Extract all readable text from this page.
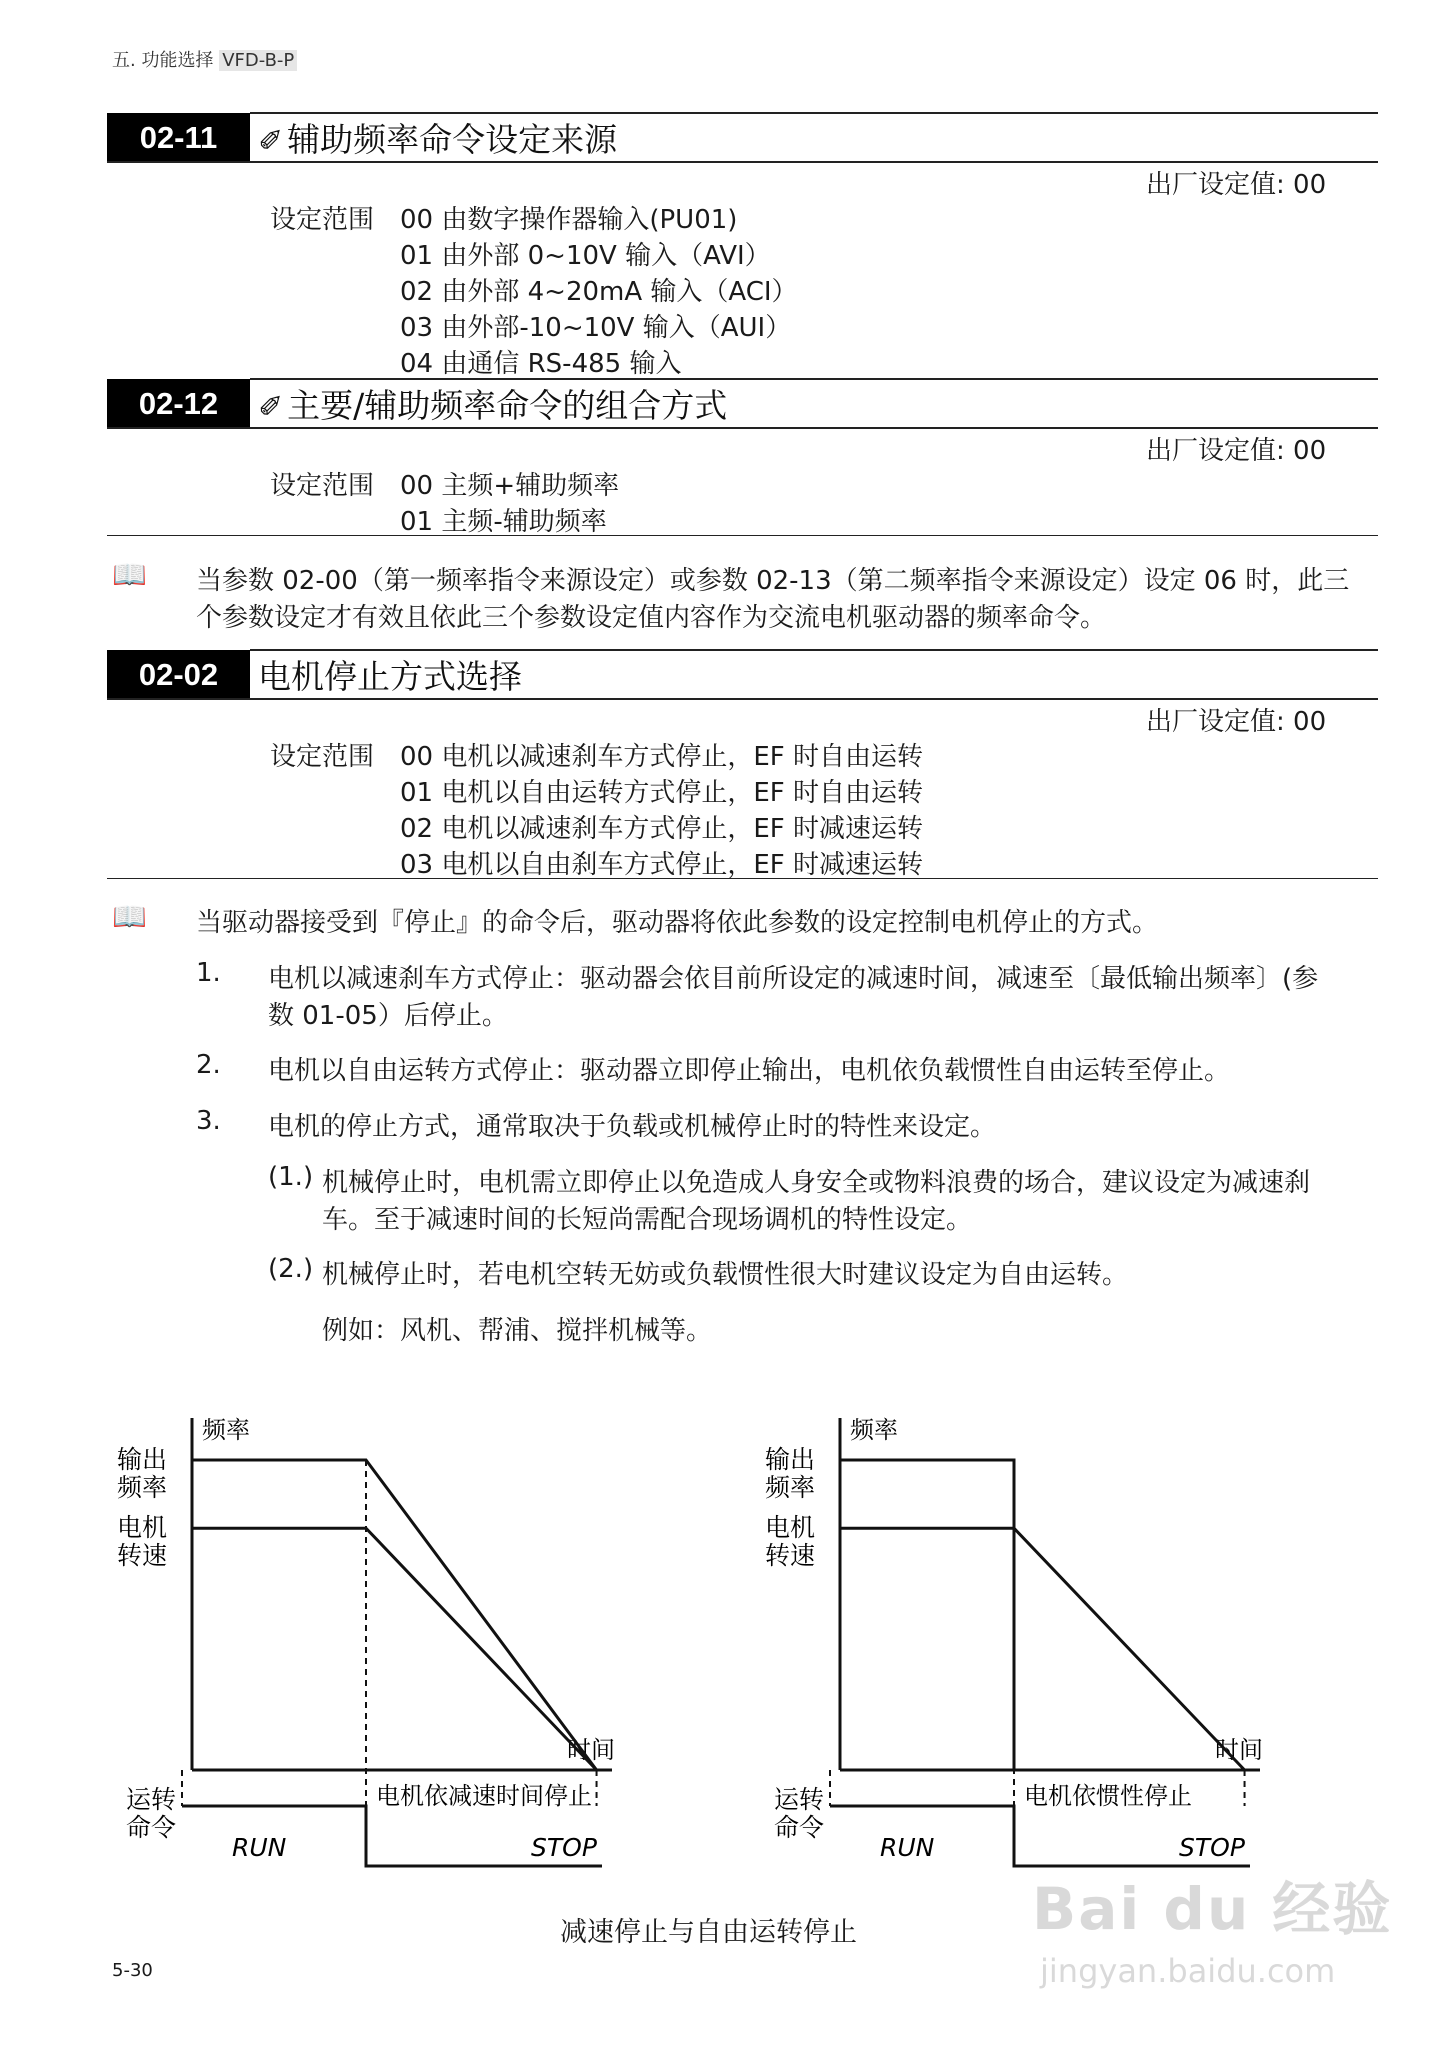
五. 功能选择 VFD-B-P
02-11	✐ 辅助频率命令设定来源
出厂设定值: 00
设定范围 00 由数字操作器输入(PU01)
01 由外部 0~10V 输入（AVI）
02 由外部 4~20mA 输入（ACI）
03 由外部-10~10V 输入（AUI）
04 由通信 RS-485 输入
02-12	✐ 主要/辅助频率命令的组合方式
出厂设定值: 00
设定范围 00 主频+辅助频率
01 主频-辅助频率
📖 当参数 02-00（第一频率指令来源设定）或参数 02-13（第二频率指令来源设定）设定 06 时，此三
个参数设定才有效且依此三个参数设定值内容作为交流电机驱动器的频率命令。
02-02	电机停止方式选择
出厂设定值: 00
设定范围 00 电机以减速刹车方式停止，EF 时自由运转
01 电机以自由运转方式停止，EF 时自由运转
02 电机以减速刹车方式停止，EF 时减速运转
03 电机以自由刹车方式停止，EF 时减速运转
📖 当驱动器接受到『停止』的命令后，驱动器将依此参数的设定控制电机停止的方式。
1. 电机以减速刹车方式停止：驱动器会依目前所设定的减速时间，减速至〔最低输出频率〕(参
数 01-05）后停止。
2. 电机以自由运转方式停止：驱动器立即停止输出，电机依负载惯性自由运转至停止。
3. 电机的停止方式，通常取决于负载或机械停止时的特性来设定。
(1.) 机械停止时，电机需立即停止以免造成人身安全或物料浪费的场合，建议设定为减速刹
车。至于减速时间的长短尚需配合现场调机的特性设定。
(2.) 机械停止时，若电机空转无妨或负载惯性很大时建议设定为自由运转。
例如：风机、帮浦、搅拌机械等。
频率
时间
输出
频率
电机
转速
运转
命令
RUN	STOP
电机依减速时间停止
频率
时间
输出
频率
电机
转速
运转
命令
RUN	STOP
电机依惯性停止
减速停止与自由运转停止
5-30
Bai du 经验
jingyan.baidu.com
